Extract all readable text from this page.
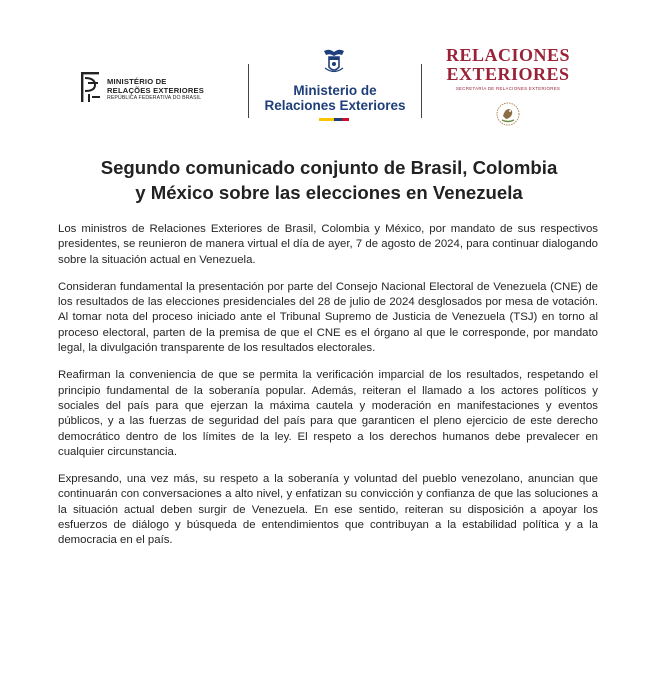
MINISTÉRIO DE
RELAÇÕES EXTERIORES
REPÚBLICA FEDERATIVA DO BRASIL	Ministerio de
Relaciones Exteriores
RELACIONES
EXTERIORES
SECRETARÍA DE RELACIONES EXTERIORES
Segundo comunicado conjunto de Brasil, Colombia
y México sobre las elecciones en Venezuela

Los ministros de Relaciones Exteriores de Brasil, Colombia y México, por mandato de sus respectivos presidentes, se reunieron de manera virtual el día de ayer, 7 de agosto de 2024, para continuar dialogando sobre la situación actual en Venezuela.

Consideran fundamental la presentación por parte del Consejo Nacional Electoral de Venezuela (CNE) de los resultados de las elecciones presidenciales del 28 de julio de 2024 desglosados por mesa de votación. Al tomar nota del proceso iniciado ante el Tribunal Supremo de Justicia de Venezuela (TSJ) en torno al proceso electoral, parten de la premisa de que el CNE es el órgano al que le corresponde, por mandato legal, la divulgación transparente de los resultados electorales.

Reafirman la conveniencia de que se permita la verificación imparcial de los resultados, respetando el principio fundamental de la soberanía popular. Además, reiteran el llamado a los actores políticos y sociales del país para que ejerzan la máxima cautela y moderación en manifestaciones y eventos públicos, y a las fuerzas de seguridad del país para que garanticen el pleno ejercicio de este derecho democrático dentro de los límites de la ley. El respeto a los derechos humanos debe prevalecer en cualquier circunstancia.

Expresando, una vez más, su respeto a la soberanía y voluntad del pueblo venezolano, anuncian que continuarán con conversaciones a alto nivel, y enfatizan su convicción y confianza de que las soluciones a la situación actual deben surgir de Venezuela. En ese sentido, reiteran su disposición a apoyar los esfuerzos de diálogo y búsqueda de entendimientos que contribuyan a la estabilidad política y a la democracia en el país.
